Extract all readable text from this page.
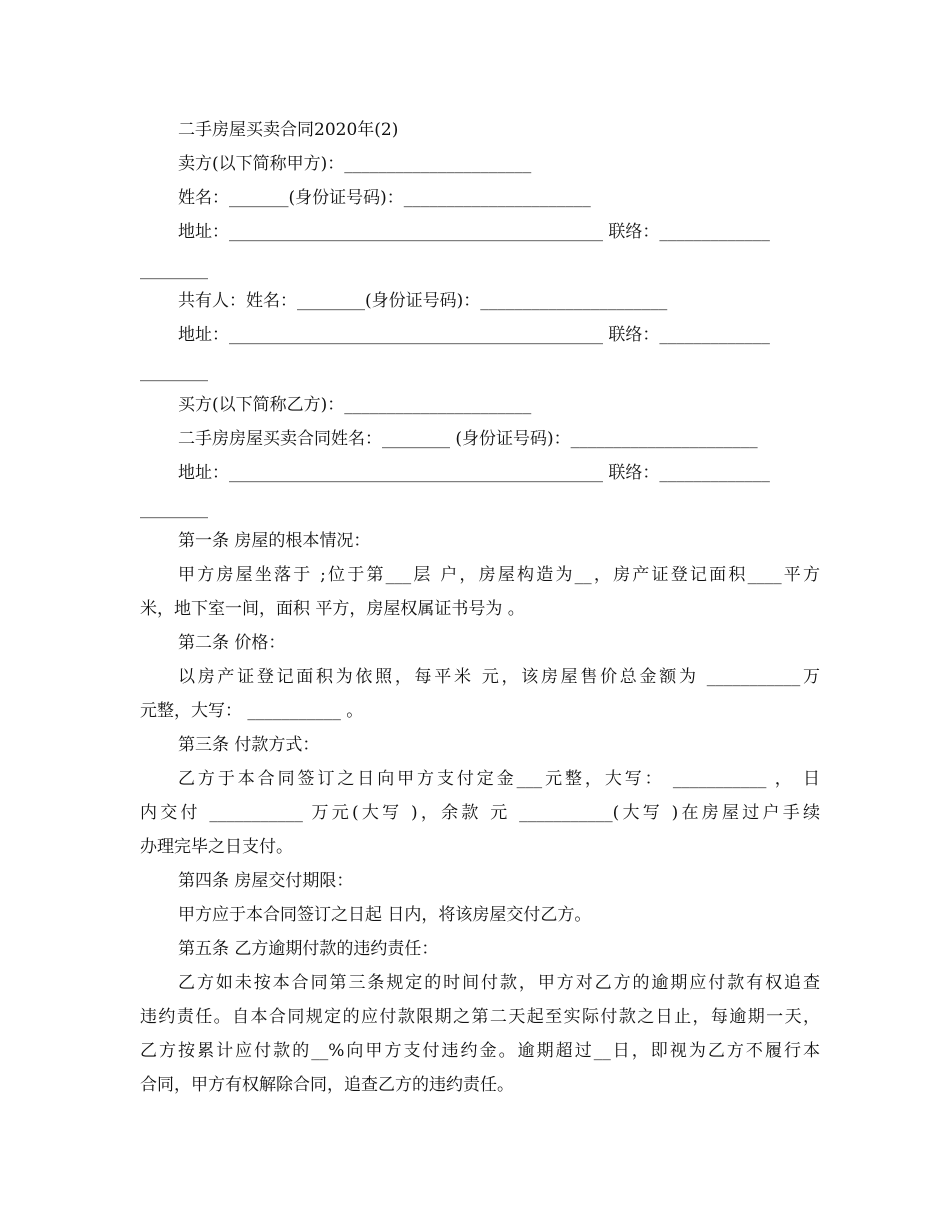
二手房屋买卖合同2020年(2)
卖方(以下简称甲方)：______________________
姓名：_______(身份证号码)：______________________
地址：____________________________________________ 联络：_____________
________
共有人：姓名：________(身份证号码)：______________________
地址：____________________________________________ 联络：_____________
________
买方(以下简称乙方)：______________________
二手房房屋买卖合同姓名：________ (身份证号码)：______________________
地址：____________________________________________ 联络：_____________
________
第一条 房屋的根本情况：
甲方房屋坐落于 ;位于第___层 户，房屋构造为__，房产证登记面积____平方
米，地下室一间，面积 平方，房屋权属证书号为 。
第二条 价格：
以房产证登记面积为依照，每平米 元，该房屋售价总金额为 ___________万
元整，大写： ___________ 。
第三条 付款方式：
乙方于本合同签订之日向甲方支付定金___元整，大写： ___________ ， 日
内交付 ___________ 万元(大写 )，余款 元 ___________(大写 )在房屋过户手续
办理完毕之日支付。
第四条 房屋交付期限：
甲方应于本合同签订之日起 日内，将该房屋交付乙方。
第五条 乙方逾期付款的违约责任：
乙方如未按本合同第三条规定的时间付款，甲方对乙方的逾期应付款有权追查
违约责任。自本合同规定的应付款限期之第二天起至实际付款之日止，每逾期一天，
乙方按累计应付款的__%向甲方支付违约金。逾期超过__日，即视为乙方不履行本
合同，甲方有权解除合同，追查乙方的违约责任。
